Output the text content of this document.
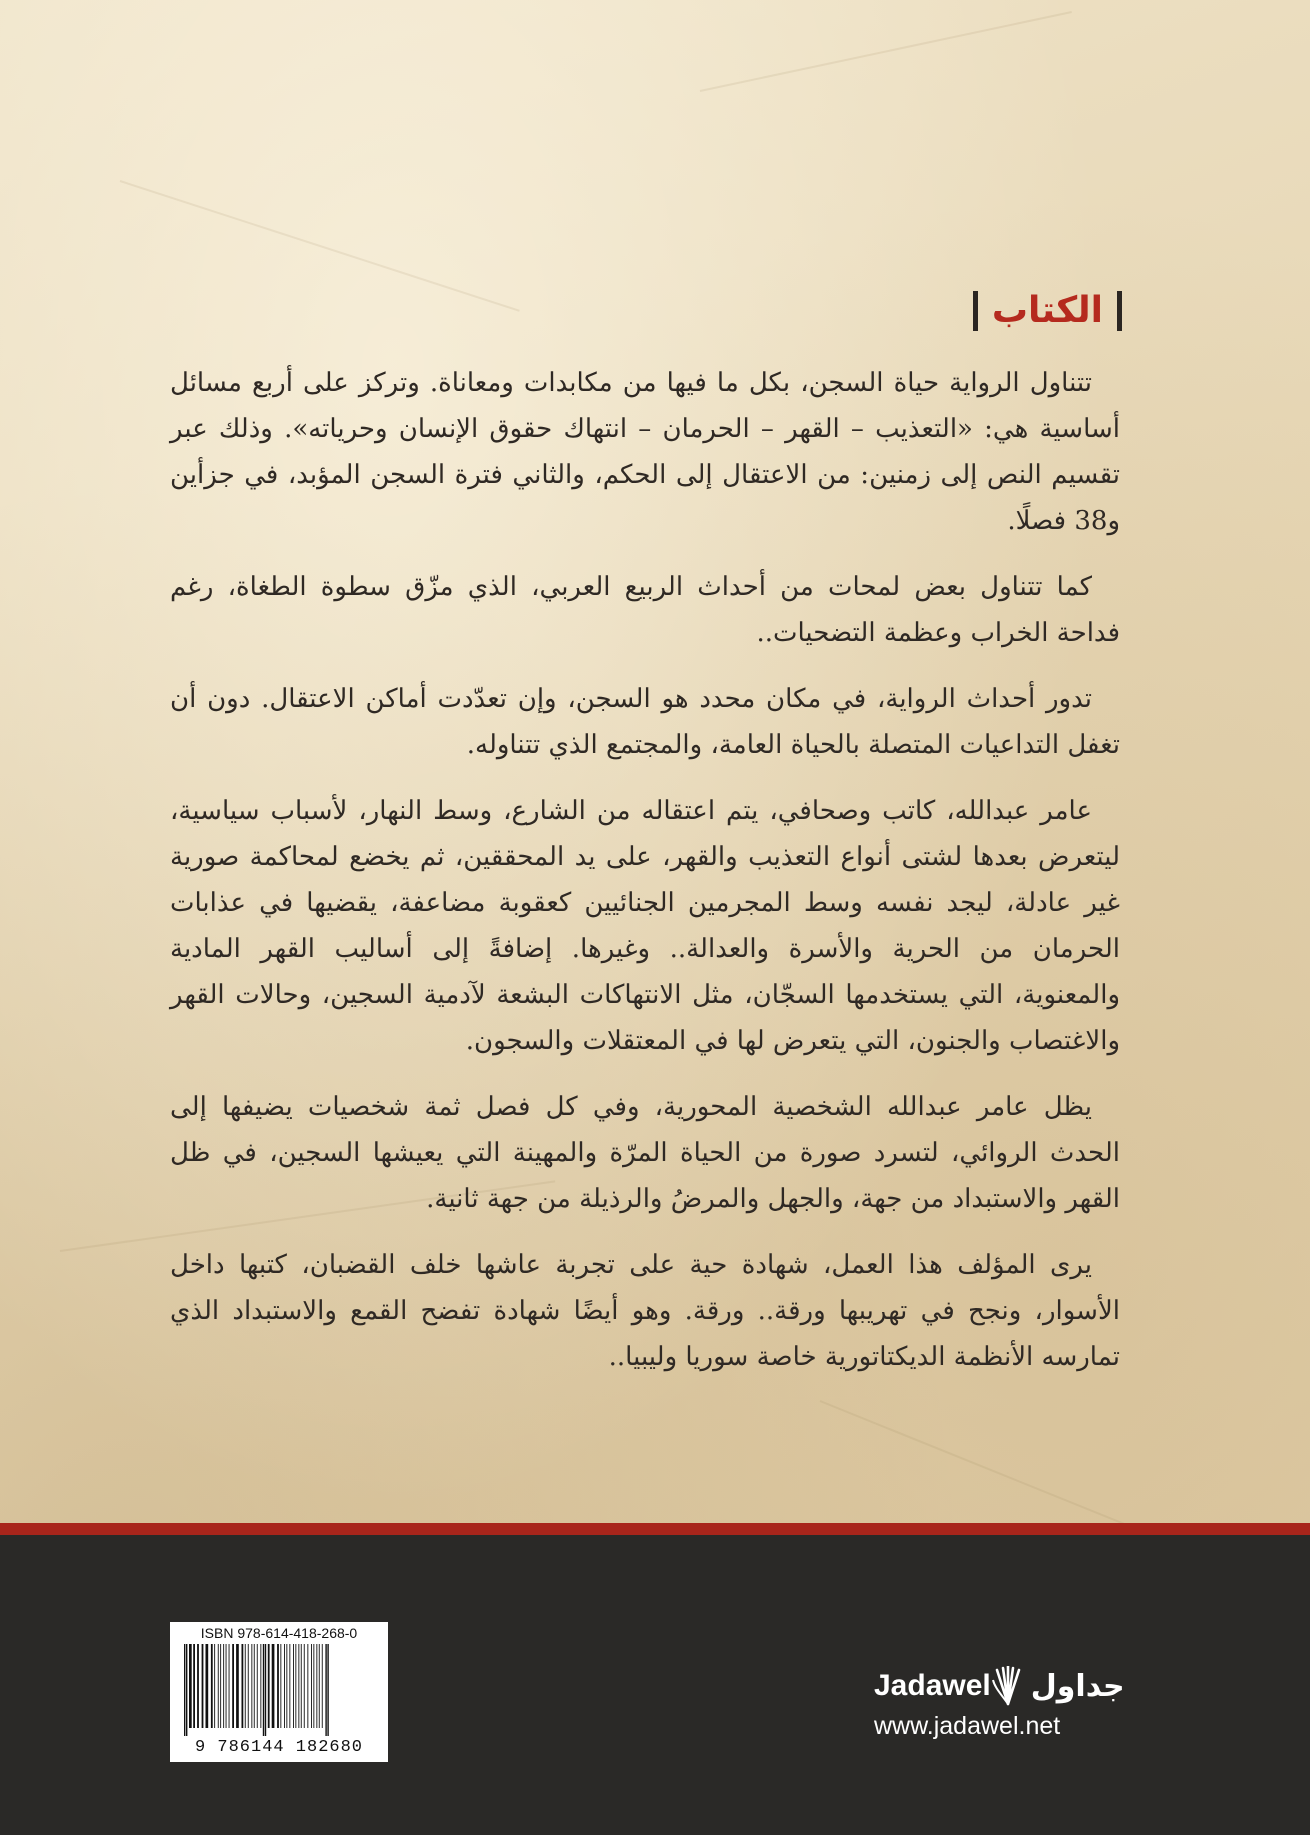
الكتاب

تتناول الرواية حياة السجن، بكل ما فيها من مكابدات ومعاناة. وتركز على أربع مسائل أساسية هي: «التعذيب – القهر – الحرمان – انتهاك حقوق الإنسان وحرياته». وذلك عبر تقسيم النص إلى زمنين: من الاعتقال إلى الحكم، والثاني فترة السجن المؤبد، في جزأين و38 فصلًا.

كما تتناول بعض لمحات من أحداث الربيع العربي، الذي مزّق سطوة الطغاة، رغم فداحة الخراب وعظمة التضحيات..

تدور أحداث الرواية، في مكان محدد هو السجن، وإن تعدّدت أماكن الاعتقال. دون أن تغفل التداعيات المتصلة بالحياة العامة، والمجتمع الذي تتناوله.

عامر عبدالله، كاتب وصحافي، يتم اعتقاله من الشارع، وسط النهار، لأسباب سياسية، ليتعرض بعدها لشتى أنواع التعذيب والقهر، على يد المحققين، ثم يخضع لمحاكمة صورية غير عادلة، ليجد نفسه وسط المجرمين الجنائيين كعقوبة مضاعفة، يقضيها في عذابات الحرمان من الحرية والأسرة والعدالة.. وغيرها. إضافةً إلى أساليب القهر المادية والمعنوية، التي يستخدمها السجّان، مثل الانتهاكات البشعة لآدمية السجين، وحالات القهر والاغتصاب والجنون، التي يتعرض لها في المعتقلات والسجون.

يظل عامر عبدالله الشخصية المحورية، وفي كل فصل ثمة شخصيات يضيفها إلى الحدث الروائي، لتسرد صورة من الحياة المرّة والمهينة التي يعيشها السجين، في ظل القهر والاستبداد من جهة، والجهل والمرضُ والرذيلة من جهة ثانية.

يرى المؤلف هذا العمل، شهادة حية على تجربة عاشها خلف القضبان، كتبها داخل الأسوار، ونجح في تهريبها ورقة.. ورقة. وهو أيضًا شهادة تفضح القمع والاستبداد الذي تمارسه الأنظمة الديكتاتورية خاصة سوريا وليبيا..

ISBN 978-614-418-268-0
9 786144 182680
Jadawel جداول
www.jadawel.net
